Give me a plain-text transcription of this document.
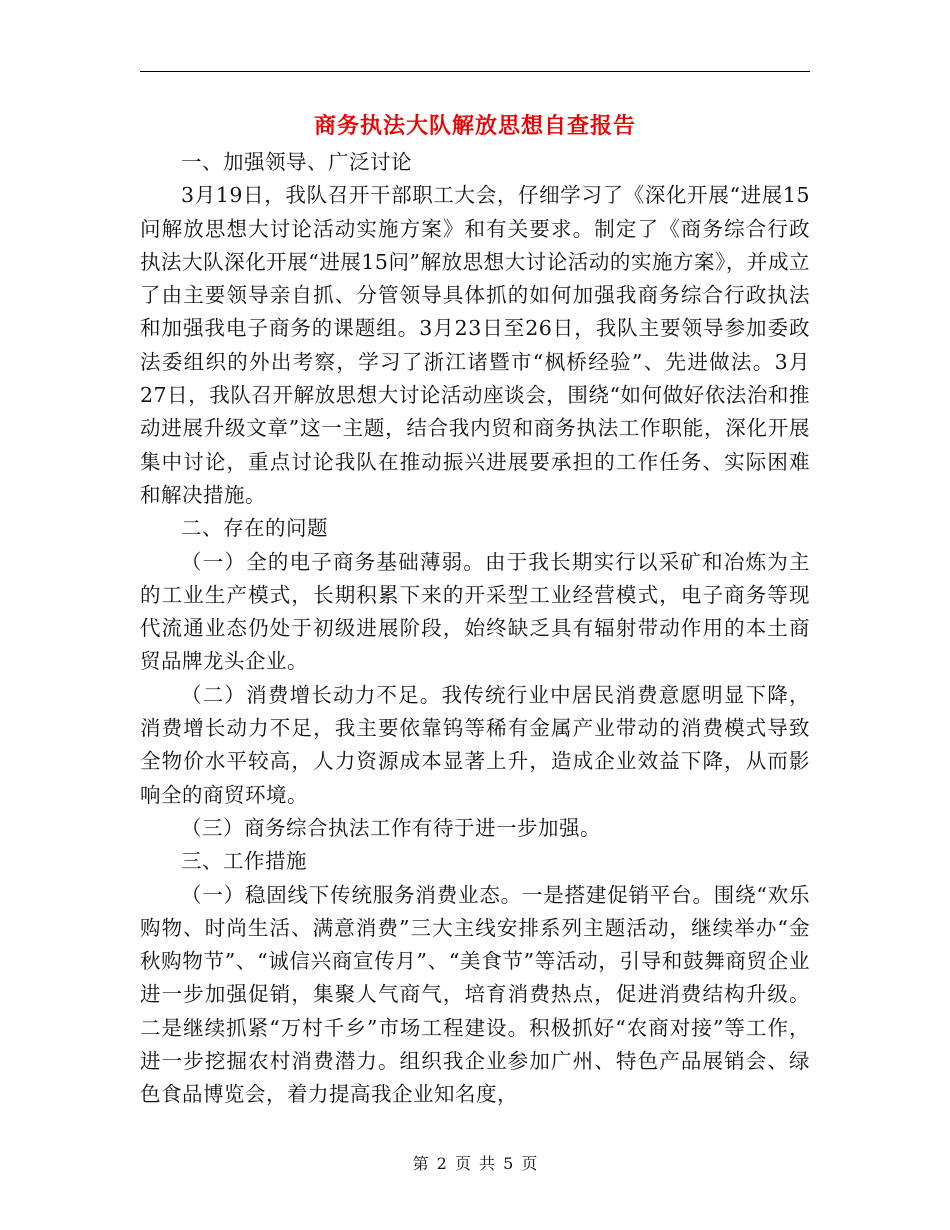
商务执法大队解放思想自查报告

一、加强领导、广泛讨论

3月19日，我队召开干部职工大会，仔细学习了《深化开展“进展15问解放思想大讨论活动实施方案》和有关要求。制定了《商务综合行政执法大队深化开展“进展15问”解放思想大讨论活动的实施方案》，并成立了由主要领导亲自抓、分管领导具体抓的如何加强我商务综合行政执法和加强我电子商务的课题组。3月23日至26日，我队主要领导参加委政法委组织的外出考察，学习了浙江诸暨市“枫桥经验”、先进做法。3月27日，我队召开解放思想大讨论活动座谈会，围绕“如何做好依法治和推动进展升级文章”这一主题，结合我内贸和商务执法工作职能，深化开展集中讨论，重点讨论我队在推动振兴进展要承担的工作任务、实际困难和解决措施。

二、存在的问题

（一）全的电子商务基础薄弱。由于我长期实行以采矿和冶炼为主的工业生产模式，长期积累下来的开采型工业经营模式，电子商务等现代流通业态仍处于初级进展阶段，始终缺乏具有辐射带动作用的本土商贸品牌龙头企业。

（二）消费增长动力不足。我传统行业中居民消费意愿明显下降，消费增长动力不足，我主要依靠钨等稀有金属产业带动的消费模式导致全物价水平较高，人力资源成本显著上升，造成企业效益下降，从而影响全的商贸环境。

（三）商务综合执法工作有待于进一步加强。

三、工作措施

（一）稳固线下传统服务消费业态。一是搭建促销平台。围绕“欢乐购物、时尚生活、满意消费”三大主线安排系列主题活动，继续举办“金秋购物节”、“诚信兴商宣传月”、“美食节”等活动，引导和鼓舞商贸企业进一步加强促销，集聚人气商气，培育消费热点，促进消费结构升级。二是继续抓紧“万村千乡”市场工程建设。积极抓好“农商对接”等工作，进一步挖掘农村消费潜力。组织我企业参加广州、特色产品展销会、绿色食品博览会，着力提高我企业知名度，

第 2 页 共 5 页
